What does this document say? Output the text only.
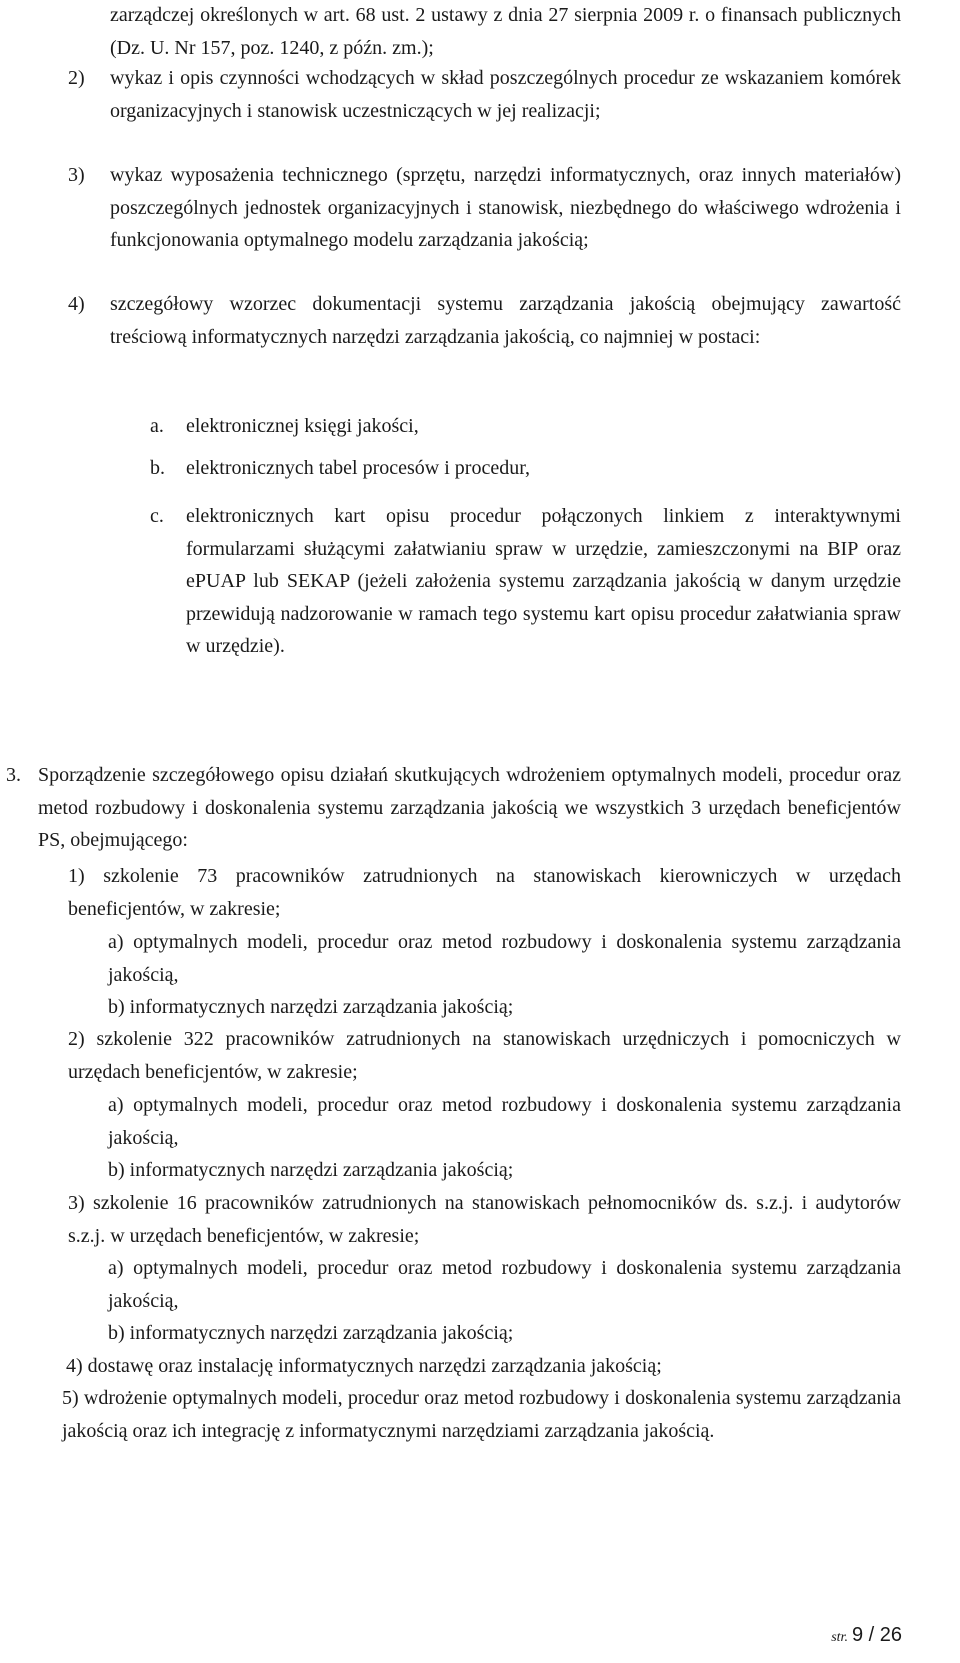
zarządczej określonych w art. 68 ust. 2 ustawy z dnia 27 sierpnia 2009 r. o finansach publicznych (Dz. U. Nr 157, poz. 1240, z późn. zm.);

2)	wykaz i opis czynności wchodzących w skład poszczególnych procedur ze wskazaniem komórek organizacyjnych i stanowisk uczestniczących w jej realizacji;
3)	wykaz wyposażenia technicznego (sprzętu, narzędzi informatycznych, oraz innych materiałów) poszczególnych jednostek organizacyjnych i stanowisk, niezbędnego do właściwego wdrożenia i funkcjonowania optymalnego modelu zarządzania jakością;
4)	szczegółowy wzorzec dokumentacji systemu zarządzania jakością obejmujący zawartość treściową informatycznych narzędzi zarządzania jakością, co najmniej w postaci:
a.	elektronicznej księgi jakości,
b.	elektronicznych tabel procesów i procedur,
c.	elektronicznych kart opisu procedur połączonych linkiem z interaktywnymi formularzami służącymi załatwianiu spraw w urzędzie, zamieszczonymi na BIP oraz ePUAP lub SEKAP (jeżeli założenia systemu zarządzania jakością w danym urzędzie przewidują nadzorowanie w ramach tego systemu kart opisu procedur załatwiania spraw w urzędzie).
3. Sporządzenie szczegółowego opisu działań skutkujących wdrożeniem optymalnych modeli, procedur oraz metod rozbudowy i doskonalenia systemu zarządzania jakością we wszystkich 3 urzędach beneficjentów PS, obejmującego:

1) szkolenie 73 pracowników zatrudnionych na stanowiskach kierowniczych w urzędach beneficjentów, w zakresie;

a) optymalnych modeli, procedur oraz metod rozbudowy i doskonalenia systemu zarządzania jakością,

b) informatycznych narzędzi zarządzania jakością;

2) szkolenie 322 pracowników zatrudnionych na stanowiskach urzędniczych i pomocniczych w urzędach beneficjentów, w zakresie;

a) optymalnych modeli, procedur oraz metod rozbudowy i doskonalenia systemu zarządzania jakością,

b) informatycznych narzędzi zarządzania jakością;

3) szkolenie 16 pracowników zatrudnionych na stanowiskach pełnomocników ds. s.z.j. i audytorów s.z.j. w urzędach beneficjentów, w zakresie;

a) optymalnych modeli, procedur oraz metod rozbudowy i doskonalenia systemu zarządzania jakością,

b) informatycznych narzędzi zarządzania jakością;

4) dostawę oraz instalację informatycznych narzędzi zarządzania jakością;

5) wdrożenie optymalnych modeli, procedur oraz metod rozbudowy i doskonalenia systemu zarządzania jakością oraz ich integrację z informatycznymi narzędziami zarządzania jakością.

str. 9 / 26
